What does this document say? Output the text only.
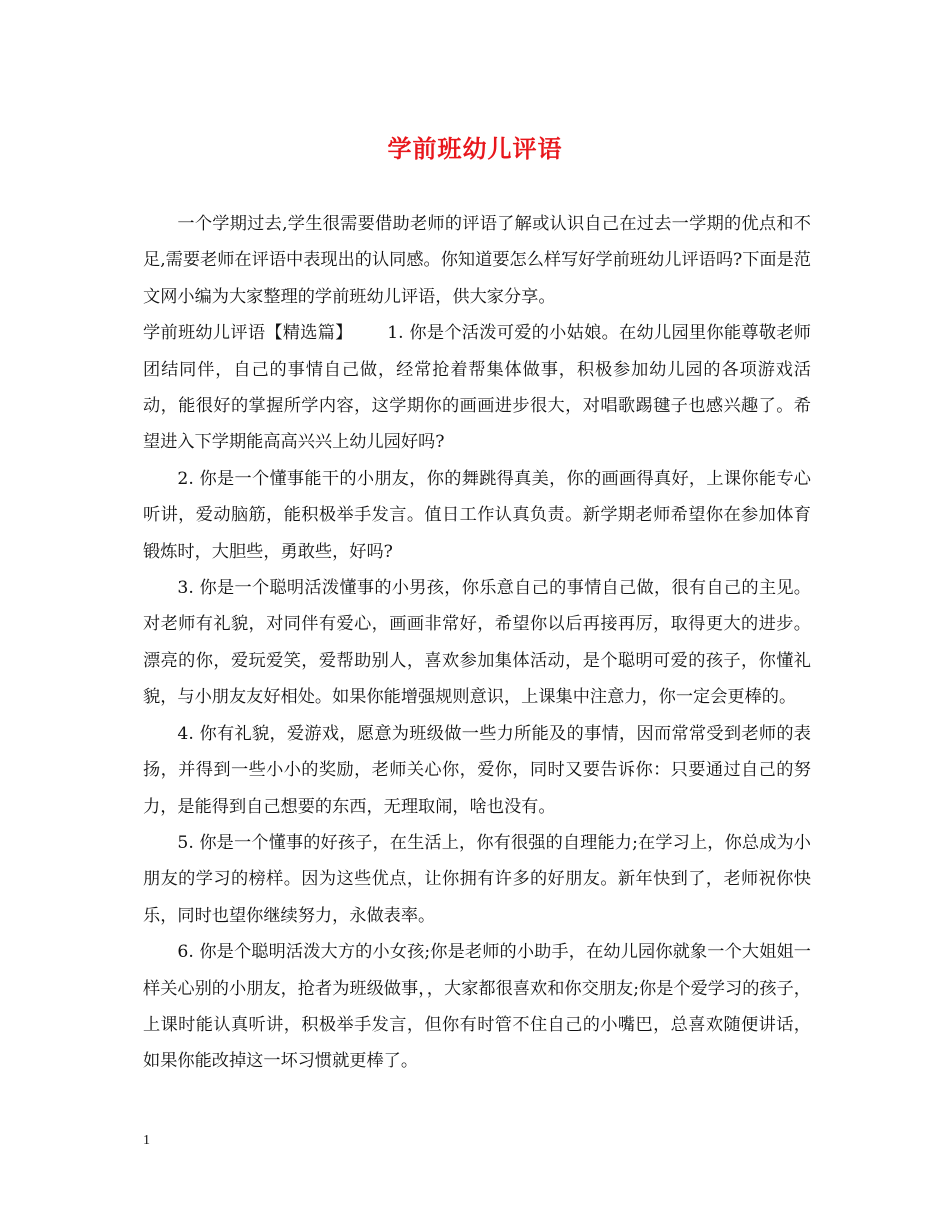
学前班幼儿评语

一个学期过去,学生很需要借助老师的评语了解或认识自己在过去一学期的优点和不足,需要老师在评语中表现出的认同感。你知道要怎么样写好学前班幼儿评语吗?下面是范文网小编为大家整理的学前班幼儿评语，供大家分享。

学前班幼儿评语【精选篇】 1. 你是个活泼可爱的小姑娘。在幼儿园里你能尊敬老师团结同伴，自己的事情自己做，经常抢着帮集体做事，积极参加幼儿园的各项游戏活动，能很好的掌握所学内容，这学期你的画画进步很大，对唱歌踢毽子也感兴趣了。希望进入下学期能高高兴兴上幼儿园好吗?

2. 你是一个懂事能干的小朋友，你的舞跳得真美，你的画画得真好，上课你能专心听讲，爱动脑筋，能积极举手发言。值日工作认真负责。新学期老师希望你在参加体育锻炼时，大胆些，勇敢些，好吗?

3. 你是一个聪明活泼懂事的小男孩，你乐意自己的事情自己做，很有自己的主见。对老师有礼貌，对同伴有爱心，画画非常好，希望你以后再接再厉，取得更大的进步。 漂亮的你，爱玩爱笑，爱帮助别人，喜欢参加集体活动，是个聪明可爱的孩子，你懂礼貌，与小朋友友好相处。如果你能增强规则意识，上课集中注意力，你一定会更棒的。

4. 你有礼貌，爱游戏，愿意为班级做一些力所能及的事情，因而常常受到老师的表扬，并得到一些小小的奖励，老师关心你，爱你，同时又要告诉你：只要通过自己的努力，是能得到自己想要的东西，无理取闹，啥也没有。

5. 你是一个懂事的好孩子，在生活上，你有很强的自理能力;在学习上，你总成为小朋友的学习的榜样。因为这些优点，让你拥有许多的好朋友。新年快到了，老师祝你快乐，同时也望你继续努力，永做表率。

6. 你是个聪明活泼大方的小女孩;你是老师的小助手，在幼儿园你就象一个大姐姐一样关心别的小朋友，抢者为班级做事，，大家都很喜欢和你交朋友;你是个爱学习的孩子，上课时能认真听讲，积极举手发言，但你有时管不住自己的小嘴巴，总喜欢随便讲话，如果你能改掉这一坏习惯就更棒了。

1
